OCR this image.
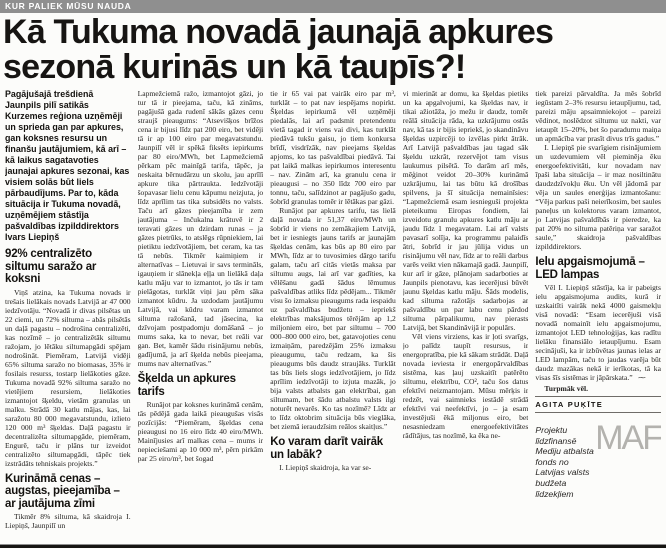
KUR PALIEK MŪSU NAUDA
Kā Tukuma novadā jaunajā apkures sezonā kurinās un kā taupīs?!

Pagājušajā trešdienā Jaunpils pilī satikās Kurzemes reģiona uzņēmēji un sprieda gan par apkures, gan koksnes resursu un finanšu jautājumiem, kā arī – kā laikus sagatavoties jaunajai apkures sezonai, kas visiem solās būt liels pārbaudījums. Par to, kāda situācija ir Tukuma novadā, uzņēmējiem stāstīja pašvaldības izpilddirektors Ivars Liepiņš

92% centralizēto siltumu saražo ar koksni

Viņš atzina, ka Tukuma novads ir trešais lielākais novads Latvijā ar 47 000 iedzīvotāju. “Novadā ir divas pilsētas un 22 ciemi, un 72% siltuma – abās pilsētās un daļā pagastu – nodrošina centralizēti, kas nozīmē – jo centralizētāk siltumu ražojam, jo lētāku siltumapgādi spējam nodrošināt. Piemēram, Latvijā vidēji 65% siltuma saražo no biomasas, 35% ir fosilais resurss, tostarp lielākoties gāze. Tukuma novadā 92% siltuma saražo no vietējiem resursiem, lielākoties izmantojot šķeldu, vietām granulas un malku. Strādā 30 katlu mājas, kas, lai saražotu 80 000 megavatstundu, izlieto 120 000 m³ šķeldas. Daļā pagastu ir decentralizēta siltumapgāde, piemēram, Engurē, taču ir plāns tur izveidot centralizēto siltumapgādi, tāpēc tiek izstrādāts tehniskais projekts.”

Kurināmā cenas – augstas, pieejamība – ar jautājuma zīmi

Tikmēr 8% siltuma, kā skaidroja I. Liepiņš, Jaunpilī un

Lapmežciemā ražo, izmantojot gāzi, jo tur tā ir pieejama, taču, kā zināms, pagājušā gada rudenī sākās gāzes cenu straujš pieaugums: “Atsevišķos brīžos cena ir bijusi līdz pat 200 eiro, bet vidēji tā ir ap 100 eiro par megavatstundu. Jaunpilī vēl ir spēkā fiksēts iepirkums par 80 eiro/MWh, bet Lapmežciemā pērkam pēc mainīgā tarifa, tāpēc, ja neskaita bērnudārzu un skolu, jau aprīlī apkure tika pārtraukta. Iedzīvotāji šopavasar lielu cenu kāpumu neizjuta, jo līdz aprīlim tas tika subsidēts no valsts. Taču arī gāzes pieejamība ir zem jautājuma – Inčukalna krātuvē ir 2 teravati gāzes un dzirdam runas – ja gāzes pietrūks, to atslēgs rūpniekiem, lai pietiktu iedzīvotājiem, bet ceram, ka tas tā nebūs. Tikmēr kaimiņiem ir alternatīvas – Lietuvai ir savs termināls, igauņiem ir slānekļa eļļa un lielākā daļa katlu māju var to izmantot, jo tās ir tam pielāgotas, turklāt viņi jau pērn sāka izmantot kūdru. Ja uzdodam jautājumu Latvijā, vai kūdru varam izmantot siltuma ražošanā, tad jāsecina, ka dzīvojam postpadomju domāšanā – jo mums saka, ka to nevar, bet reāli var gan. Bet, kamēr šādu risinājumu nebūs, gadījumā, ja arī šķelda nebūs pieejama, mums nav alternatīvas.”

Šķelda un apkures tarifs

Runājot par koksnes kurināmā cenām, tās pēdējā gada laikā pieaugušas visās pozīcijās: “Piemēram, šķeldas cena pieaugusi no 16 eiro līdz 40 eiro/MWh. Mainījusies arī malkas cena – mums ir nepieciešami ap 10 000 m³, pērn pirkām par 25 eiro/m³, bet šogad

tie ir 65 vai pat vairāk eiro par m³, turklāt – to pat nav iespējams nopirkt. Šķeldas iepirkumā vēl uzņēmēji piedalās, lai arī padsmit pretendentu vietā tagad ir viens vai divi, kas turklāt piedāvā tukšu gaisu, jo tiem konkursa brīdī, visdrīzāk, nav pieejams šķeldas apjoms, ko tas pašvaldībai piedāvā. Tai pat laikā malkas iepirkumos interesentu – nav. Zinām arī, ka granulu cena ir pieaugusi – no 350 līdz 700 eiro par tonnu, taču, salīdzinot ar pagājušo gadu, šobrīd granulas tomēr ir lētākas par gāzi.

Runājot par apkures tarifu, tas lielā daļā novada ir 51,37 eiro/MWh un šobrīd ir viens no zemākajiem Latvijā, bet ir iesniegts jauns tarifs ar jaunajām šķeldas cenām, kas būs ap 80 eiro par MWh, līdz ar to tuvosimies dārgo tarifu galam, taču arī citās vietās maksa par siltumu augs, lai arī var gadīties, ka vēlēšanu gadā šādus lēmumus pašvaldības atliks līdz pēdējam... Tikmēr visu šo izmaksu pieaugums rada iespaidu uz pašvaldības budžetu – iepriekš elektrības maksājumos tērējām ap 1,2 miljoniem eiro, bet par siltumu – 700 000–800 000 eiro, bet, gatavojoties cenu izmaiņām, paredzējām 25% izmaksu pieaugumu, taču redzam, ka šis pieaugums būs daudz straujāks. Turklāt tas būs liels slogs iedzīvotājiem, jo līdz aprīlim iedzīvotāji to izjuta mazāk, jo bija valsts atbalsts gan elektrībai, gan siltumam, bet šādu atbalstu valsts ilgi noturēt nevarēs. Ko tas nozīmē? Līdz ar to līdz oktobrim situācija būs vieglāka, bet ziemā ieraudzīsim reālos skaitļus.”

Ko varam darīt vairāk un labāk?

I. Liepiņš skaidroja, ka var se-

vi mierināt ar domu, ka šķeldas pietiks un ka apgalvojumi, ka šķeldas nav, ir tikai ažiotāža, jo mežu ir daudz, tomēr reālā situācija rāda, ka uzkrājumu ostās nav, kā tas ir bijis iepriekš, jo skandināvu šķeldas uzpircēji to izvēlas pirkt ātrāk. Arī Latvijā pašvaldības jau tagad sāk šķeldu uzkrāt, rezervējot tam visus laukumus pilsētā. To darām arī mēs, mēģinot veidot 20–30% kurināmā uzkrājumu, lai tas būtu kā drošības spilvens, ja šī situācija nemainīsies: “Lapmežciemā esam iesnieguši projekta pieteikumu Eiropas fondiem, lai izveidotu granulu apkures katlu māju ar jaudu līdz 1 megavatam. Lai arī valsts pavasarī solīja, ka programmu palaidīs ātri, šobrīd ir jau jūlija vidus un risinājumu vēl nav, līdz ar to reāli darbus varēs veikt vien nākamajā gadā. Jaunpilī, kur arī ir gāze, plānojam sadarboties ar Jaunpils pienotavu, kas iecerējusi būvēt jaunu šķeldas katlu māju. Šāds modelis, kad siltuma ražotājs sadarbojas ar pašvaldību un par labu cenu pārdod siltuma pārpalikumu, nav pierasts Latvijā, bet Skandināvijā ir populārs.

Vēl viens virziens, kas ir ļoti svarīgs, jo palīdz taupīt resursus, ir energopratība, pie kā sākam strādāt. Daļā novada ieviesta ir energopārvaldības sistēma, kas ļauj uzskaitīt patērēto siltumu, elektrību, CO², taču šos datus efektīvi neizmantojam. Mūsu mērķis ir redzēt, vai saimnieks iestādē strādā efektīvi vai neefektīvi, jo – ja esam investējuši ēkā miljonus eiro, bet nesasniedzam energoefektivitātes rādītājus, tas nozīmē, ka ēka ne-

tiek pareizi pārvaldīta. Ja mēs šobrīd iegūstam 2–3% resursu ietaupījumu, tad, pareizi māju apsaimniekojot – pareizi vēdinot, noslēdzot siltumu uz nakti, var ietaupīt 15–20%, bet šo paradumu maiņa un apmācība var prasīt divus trīs gadus.”

I. Liepiņš pie svarīgiem risinājumiem un uzdevumiem vēl pieminēja ēku energoefektivitāti, kur novadam nav īpaši laba situācija – ir maz nosiltinātu daudzdzīvokļu ēku. Un vēl jādomā par vēja un saules enerģijas izmantošanu: “Vēja parkus paši neierīkosim, bet saules paneļus un kolektorus varam izmantot, jo Latvijas pašvaldībās ir pieredze, ka pat 20% no siltuma patēriņa var saražot saule,” skaidroja pašvaldības izpilddirektors.

Ielu apgaismojumā – LED lampas

Vēl I. Liepiņš stāstīja, ka ir pabeigts ielu apgaismojuma audits, kurā ir uzskaitīti vairāk nekā 4000 gaismekļu visā novadā: “Esam iecerējuši visā novadā nomainīt ielu apgaismojumu, izmantojot LED tehnoloģijas, kas radītu lielāku finansiālo ietaupījumu. Esam secinājuši, ka ir izbūvētas jaunas ielas ar LED lampām, taču to jaudas varēja būt daudz mazākas nekā ir ierīkotas, tā ka visas šīs sistēmas ir jāpārskata.” ⁓

Turpmāk vēl.

AGITA PUĶĪTE
Projektu līdzfinansē Mediju atbalsta fonds no Latvijas valsts budžeta līdzekļiem
MAF
